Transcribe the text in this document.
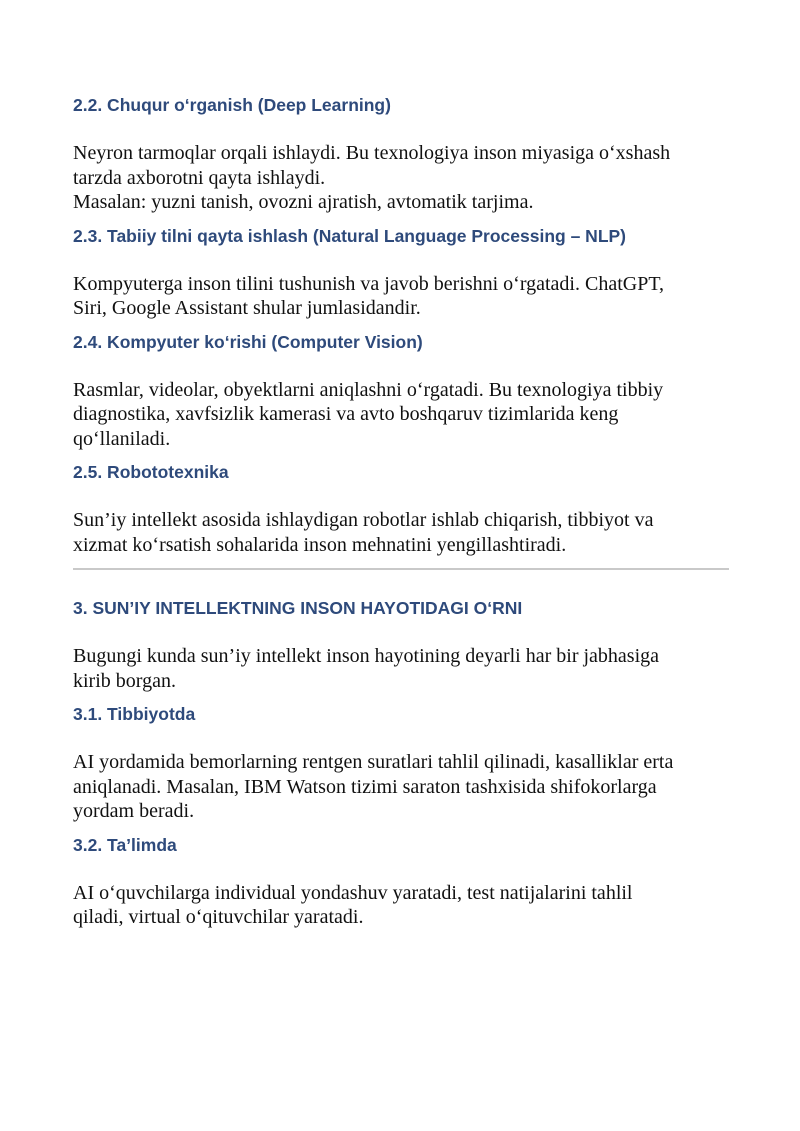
2.2. Chuqur o‘rganish (Deep Learning)

Neyron tarmoqlar orqali ishlaydi. Bu texnologiya inson miyasiga o‘xshash
tarzda axborotni qayta ishlaydi.
Masalan: yuzni tanish, ovozni ajratish, avtomatik tarjima.

2.3. Tabiiy tilni qayta ishlash (Natural Language Processing – NLP)

Kompyuterga inson tilini tushunish va javob berishni o‘rgatadi. ChatGPT,
Siri, Google Assistant shular jumlasidandir.

2.4. Kompyuter ko‘rishi (Computer Vision)

Rasmlar, videolar, obyektlarni aniqlashni o‘rgatadi. Bu texnologiya tibbiy
diagnostika, xavfsizlik kamerasi va avto boshqaruv tizimlarida keng
qo‘llaniladi.

2.5. Robototexnika

Sun’iy intellekt asosida ishlaydigan robotlar ishlab chiqarish, tibbiyot va
xizmat ko‘rsatish sohalarida inson mehnatini yengillashtiradi.

3. SUN’IY INTELLEKTNING INSON HAYOTIDAGI O‘RNI

Bugungi kunda sun’iy intellekt inson hayotining deyarli har bir jabhasiga
kirib borgan.

3.1. Tibbiyotda

AI yordamida bemorlarning rentgen suratlari tahlil qilinadi, kasalliklar erta
aniqlanadi. Masalan, IBM Watson tizimi saraton tashxisida shifokorlarga
yordam beradi.

3.2. Ta’limda

AI o‘quvchilarga individual yondashuv yaratadi, test natijalarini tahlil
qiladi, virtual o‘qituvchilar yaratadi.
